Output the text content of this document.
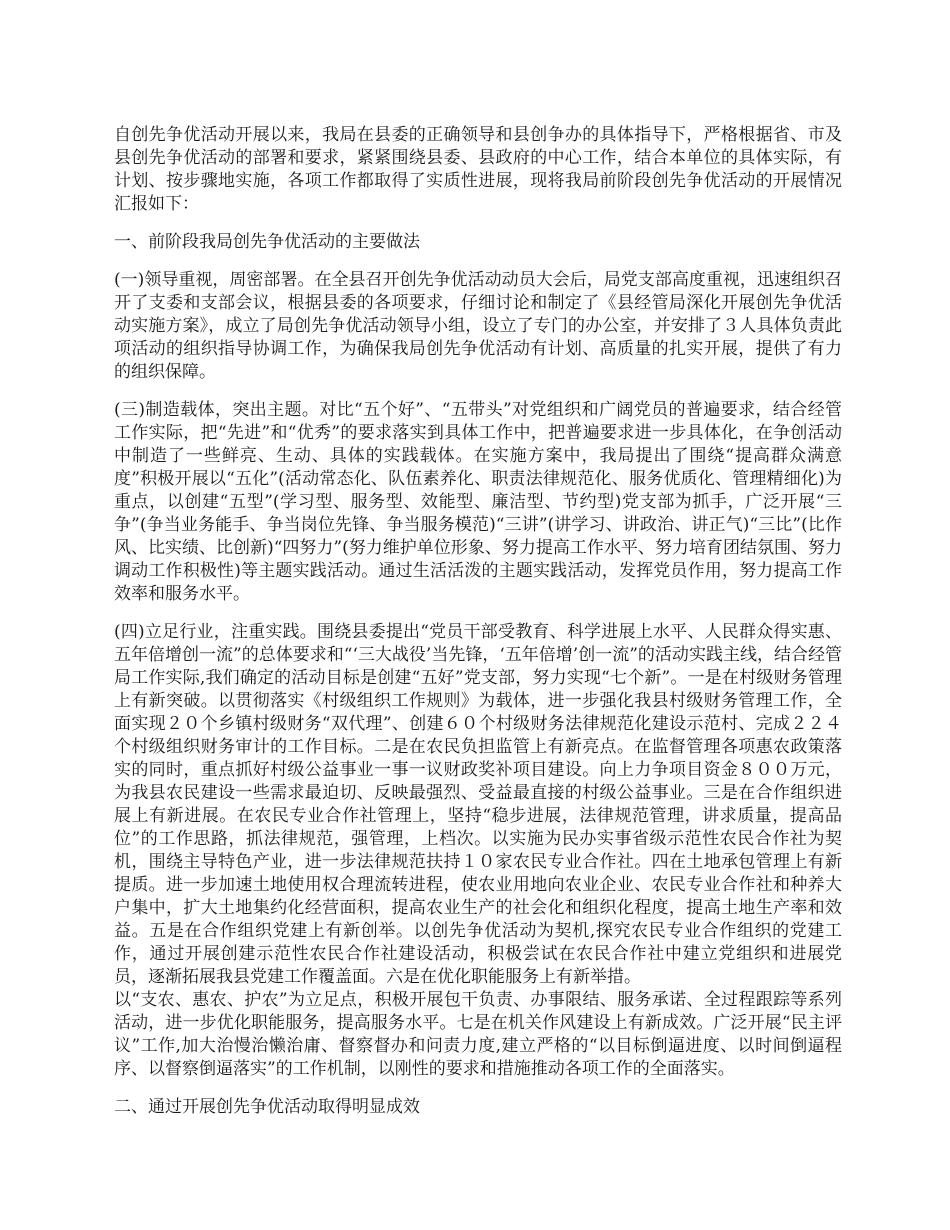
自创先争优活动开展以来，我局在县委的正确领导和县创争办的具体指导下，严格根据省、市及县创先争优活动的部署和要求，紧紧围绕县委、县政府的中心工作，结合本单位的具体实际，有计划、按步骤地实施，各项工作都取得了实质性进展，现将我局前阶段创先争优活动的开展情况汇报如下：

一、前阶段我局创先争优活动的主要做法

(一)领导重视，周密部署。在全县召开创先争优活动动员大会后，局党支部高度重视，迅速组织召开了支委和支部会议，根据县委的各项要求，仔细讨论和制定了《县经管局深化开展创先争优活动实施方案》，成立了局创先争优活动领导小组，设立了专门的办公室，并安排了３人具体负责此项活动的组织指导协调工作，为确保我局创先争优活动有计划、高质量的扎实开展，提供了有力的组织保障。

(三)制造载体，突出主题。对比“五个好”、“五带头”对党组织和广阔党员的普遍要求，结合经管工作实际，把“先进”和“优秀”的要求落实到具体工作中，把普遍要求进一步具体化，在争创活动中制造了一些鲜亮、生动、具体的实践载体。在实施方案中，我局提出了围绕“提高群众满意度”积极开展以“五化”(活动常态化、队伍素养化、职责法律规范化、服务优质化、管理精细化)为重点，以创建“五型”(学习型、服务型、效能型、廉洁型、节约型)党支部为抓手，广泛开展“三争”(争当业务能手、争当岗位先锋、争当服务模范)“三讲”(讲学习、讲政治、讲正气)“三比”(比作风、比实绩、比创新)“四努力”(努力维护单位形象、努力提高工作水平、努力培育团结氛围、努力调动工作积极性)等主题实践活动。通过生活活泼的主题实践活动，发挥党员作用，努力提高工作效率和服务水平。

(四)立足行业，注重实践。围绕县委提出“党员干部受教育、科学进展上水平、人民群众得实惠、五年倍增创一流”的总体要求和“‘三大战役’当先锋，‘五年倍增’创一流”的活动实践主线，结合经管局工作实际,我们确定的活动目标是创建“五好”党支部，努力实现“七个新”。一是在村级财务管理上有新突破。以贯彻落实《村级组织工作规则》为载体，进一步强化我县村级财务管理工作，全面实现２０个乡镇村级财务“双代理”、创建６０个村级财务法律规范化建设示范村、完成２２４个村级组织财务审计的工作目标。二是在农民负担监管上有新亮点。在监督管理各项惠农政策落实的同时，重点抓好村级公益事业一事一议财政奖补项目建设。向上力争项目资金８００万元，为我县农民建设一些需求最迫切、反映最强烈、受益最直接的村级公益事业。三是在合作组织进展上有新进展。在农民专业合作社管理上，坚持“稳步进展，法律规范管理，讲求质量，提高品位”的工作思路，抓法律规范，强管理，上档次。以实施为民办实事省级示范性农民合作社为契机，围绕主导特色产业，进一步法律规范扶持１０家农民专业合作社。四在土地承包管理上有新提质。进一步加速土地使用权合理流转进程，使农业用地向农业企业、农民专业合作社和种养大户集中，扩大土地集约化经营面积，提高农业生产的社会化和组织化程度，提高土地生产率和效益。五是在合作组织党建上有新创举。以创先争优活动为契机,探究农民专业合作组织的党建工作，通过开展创建示范性农民合作社建设活动，积极尝试在农民合作社中建立党组织和进展党员，逐渐拓展我县党建工作覆盖面。六是在优化职能服务上有新举措。
以“支农、惠农、护农”为立足点，积极开展包干负责、办事限结、服务承诺、全过程跟踪等系列活动，进一步优化职能服务，提高服务水平。七是在机关作风建设上有新成效。广泛开展“民主评议”工作,加大治慢治懒治庸、督察督办和问责力度,建立严格的“以目标倒逼进度、以时间倒逼程序、以督察倒逼落实”的工作机制，以刚性的要求和措施推动各项工作的全面落实。

二、通过开展创先争优活动取得明显成效
